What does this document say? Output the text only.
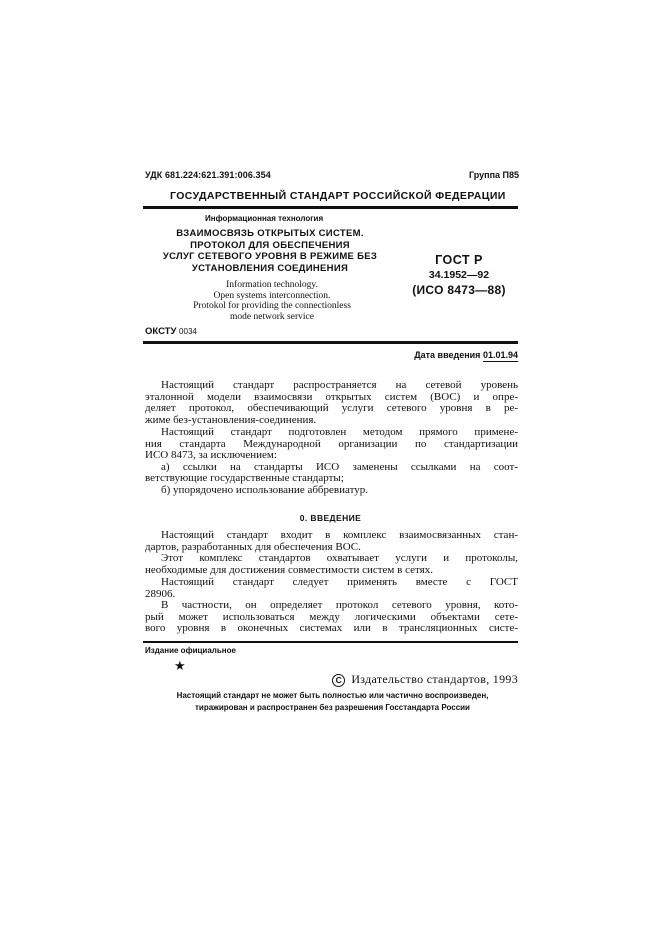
УДК 681.224:621.391:006.354	Группа П85
ГОСУДАРСТВЕННЫЙ СТАНДАРТ РОССИЙСКОЙ ФЕДЕРАЦИИ
Информационная технология
ВЗАИМОСВЯЗЬ ОТКРЫТЫХ СИСТЕМ.
ПРОТОКОЛ ДЛЯ ОБЕСПЕЧЕНИЯ
УСЛУГ СЕТЕВОГО УРОВНЯ В РЕЖИМЕ БЕЗ
УСТАНОВЛЕНИЯ СОЕДИНЕНИЯ
ГОСТ Р
34.1952—92
(ИСО 8473—88)
Information technology.
Open systems interconnection.
Protokol for providing the connectionless
mode network service
ОКСТУ 0034
Дата введения 01.01.94
Настоящий стандарт распространяется на сетевой уровень
эталонной модели взаимосвязи открытых систем (ВОС) и опре-
деляет протокол, обеспечивающий услуги сетевого уровня в ре-
жиме без-установления-соединения.
Настоящий стандарт подготовлен методом прямого примене-
ния стандарта Международной организации по стандартизации
ИСО 8473, за исключением:
а) ссылки на стандарты ИСО заменены ссылками на соот-
ветствующие государственные стандарты;
б) упорядочено использование аббревиатур.
0. ВВЕДЕНИЕ
Настоящий стандарт входит в комплекс взаимосвязанных стан-
дартов, разработанных для обеспечения ВОС.
Этот комплекс стандартов охватывает услуги и протоколы,
необходимые для достижения совместимости систем в сетях.
Настоящий стандарт следует применять вместе с ГОСТ
28906.
В частности, он определяет протокол сетевого уровня, кото-
рый может использоваться между логическими объектами сете-
вого уровня в оконечных системах или в трансляционных систе-
Издание официальное
★
C Издательство стандартов, 1993
Настоящий стандарт не может быть полностью или частично воспроизведен,
тиражирован и распространен без разрешения Госстандарта России
